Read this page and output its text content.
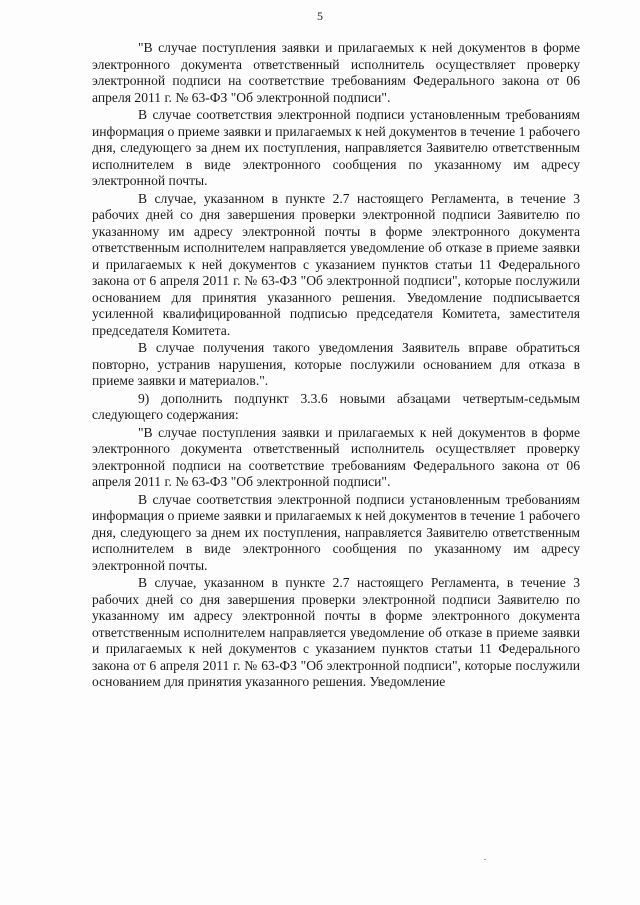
5

"В случае поступления заявки и прилагаемых к ней документов в форме электронного документа ответственный исполнитель осуществляет проверку электронной подписи на соответствие требованиям Федерального закона от 06 апреля 2011 г. № 63-ФЗ "Об электронной подписи".

В случае соответствия электронной подписи установленным требованиям информация о приеме заявки и прилагаемых к ней документов в течение 1 рабочего дня, следующего за днем их поступления, направляется Заявителю ответственным исполнителем в виде электронного сообщения по указанному им адресу электронной почты.

В случае, указанном в пункте 2.7 настоящего Регламента, в течение 3 рабочих дней со дня завершения проверки электронной подписи Заявителю по указанному им адресу электронной почты в форме электронного документа ответственным исполнителем направляется уведомление об отказе в приеме заявки и прилагаемых к ней документов с указанием пунктов статьи 11 Федерального закона от 6 апреля 2011 г. № 63-ФЗ "Об электронной подписи", которые послужили основанием для принятия указанного решения. Уведомление подписывается усиленной квалифицированной подписью председателя Комитета, заместителя председателя Комитета.

В случае получения такого уведомления Заявитель вправе обратиться повторно, устранив нарушения, которые послужили основанием для отказа в приеме заявки и материалов.".

9) дополнить подпункт 3.3.6 новыми абзацами четвертым-седьмым следующего содержания:

"В случае поступления заявки и прилагаемых к ней документов в форме электронного документа ответственный исполнитель осуществляет проверку электронной подписи на соответствие требованиям Федерального закона от 06 апреля 2011 г. № 63-ФЗ "Об электронной подписи".

В случае соответствия электронной подписи установленным требованиям информация о приеме заявки и прилагаемых к ней документов в течение 1 рабочего дня, следующего за днем их поступления, направляется Заявителю ответственным исполнителем в виде электронного сообщения по указанному им адресу электронной почты.

В случае, указанном в пункте 2.7 настоящего Регламента, в течение 3 рабочих дней со дня завершения проверки электронной подписи Заявителю по указанному им адресу электронной почты в форме электронного документа ответственным исполнителем направляется уведомление об отказе в приеме заявки и прилагаемых к ней документов с указанием пунктов статьи 11 Федерального закона от 6 апреля 2011 г. № 63-ФЗ "Об электронной подписи", которые послужили основанием для принятия указанного решения. Уведомление
